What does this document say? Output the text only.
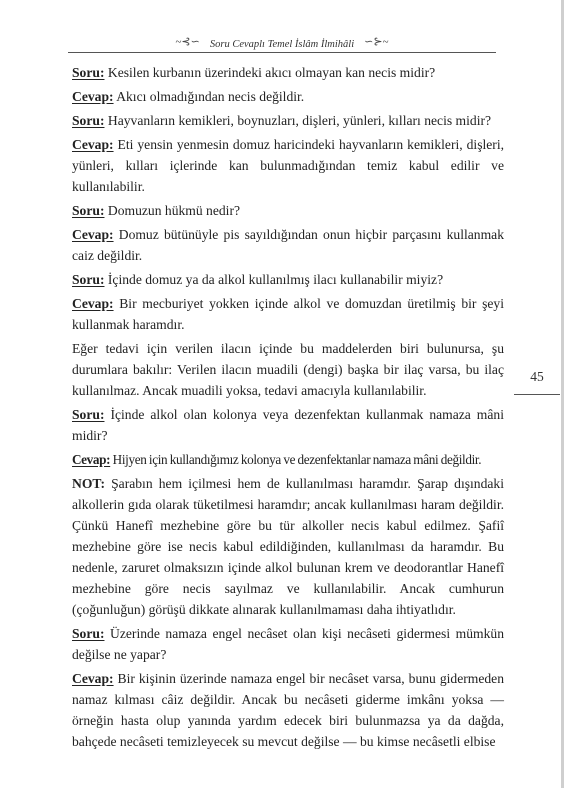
~⊰∽ Soru Cevaplı Temel İslâm İlmihâli ∽⊱~

Soru: Kesilen kurbanın üzerindeki akıcı olmayan kan necis midir?

Cevap: Akıcı olmadığından necis değildir.

Soru: Hayvanların kemikleri, boynuzları, dişleri, yünleri, kılları necis midir?

Cevap: Eti yensin yenmesin domuz haricindeki hayvanların kemikleri, dişleri, yünleri, kılları içlerinde kan bulunmadığından temiz kabul edilir ve kullanılabilir.

Soru: Domuzun hükmü nedir?

Cevap: Domuz bütünüyle pis sayıldığından onun hiçbir parçasını kullanmak caiz değildir.

Soru: İçinde domuz ya da alkol kullanılmış ilacı kullanabilir miyiz?

Cevap: Bir mecburiyet yokken içinde alkol ve domuzdan üretilmiş bir şeyi kullanmak haramdır.

Eğer tedavi için verilen ilacın içinde bu maddelerden biri bulunursa, şu durumlara bakılır: Verilen ilacın muadili (dengi) başka bir ilaç varsa, bu ilaç kullanılmaz. Ancak muadili yoksa, tedavi amacıyla kullanılabilir.

Soru: İçinde alkol olan kolonya veya dezenfektan kullanmak namaza mâni midir?

Cevap: Hijyen için kullandığımız kolonya ve dezenfektanlar namaza mâni değildir.

NOT: Şarabın hem içilmesi hem de kullanılması haramdır. Şarap dışındaki alkollerin gıda olarak tüketilmesi haramdır; ancak kullanılması haram değildir. Çünkü Hanefî mezhebine göre bu tür alkoller necis kabul edilmez. Şafiî mezhebine göre ise necis kabul edildiğinden, kullanılması da haramdır. Bu nedenle, zaruret olmaksızın içinde alkol bulunan krem ve deodorantlar Hanefî mezhebine göre necis sayılmaz ve kullanılabilir. Ancak cumhurun (çoğunluğun) görüşü dikkate alınarak kullanılmaması daha ihtiyatlıdır.

Soru: Üzerinde namaza engel necâset olan kişi necâseti gidermesi mümkün değilse ne yapar?

Cevap: Bir kişinin üzerinde namaza engel bir necâset varsa, bunu gidermeden namaz kılması câiz değildir. Ancak bu necâseti giderme imkânı yoksa — örneğin hasta olup yanında yardım edecek biri bulunmazsa ya da dağda, bahçede necâseti temizleyecek su mevcut değilse — bu kimse necâsetli elbise

45
